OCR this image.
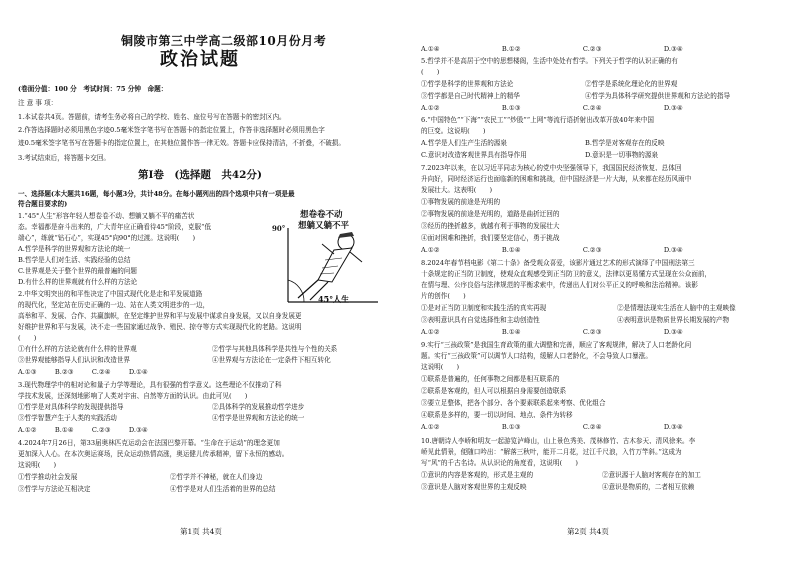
铜陵市第三中学高二级部10月份月考
政治试题
(卷面分值：100 分　考试时间：75 分钟　命题：
注 意 事 项：
1.本试卷共4页。答题前，请考生务必将自己的学校、姓名、座位号写在答题卡的密封区内。
2.作答选择题时必须用黑色字迹0.5毫米签字笔书写在答题卡的指定位置上，作答非选择题时必须用黑色字
迹0.5毫米签字笔书写在答题卡的指定位置上，在其他位置作答一律无效。答题卡应保持清洁，不折叠，不破损。
3.考试结束后，将答题卡交回。
第Ⅰ卷　(选择题　共42分)
一、选择题(本大题共16题，每小题3分，共计48分。在每小题列出的四个选项中只有一项是最
符合题目要求的)
1.“45°人生”形容年轻人想卷卷不动、想躺又躺不平的痛苦状
态。幸福都是奋斗出来的，广大青年应正确看待45°阶段，克服“低
端心”，练就“钻石心”，实现45°向90°的过渡。这说明(　　)
A.哲学是科学的世界观和方法论的统一
B.哲学是人们对生活、实践经验的总结
C.世界观是关于整个世界的最普遍的问题
D.有什么样的世界观就有什么样的方法论
想卷卷不动
想躺又躺不平
90°
45°人生
2.中华文明突出的和平性决定了中国式现代化是走和平发展道路
的现代化，坚定站在历史正确的一边、站在人类文明进步的一边，
高举和平、发展、合作、共赢旗帜，在坚定维护世界和平与发展中谋求自身发展，又以自身发展更
好维护世界和平与发展，决不走一些国家通过战争、殖民、掠夺等方式实现现代化的老路。这说明
(　　)
①有什么样的方法论就有什么样的世界观	②哲学与其他具体科学是共性与个性的关系
③世界观能够指导人们认识和改造世界	④世界观与方法论在一定条件下相互转化
A.①③	B.②③	C.②④	D.①④
3.现代物理学中的相对论和量子力学等理论，具有很强的哲学意义。这些理论不仅推动了科
学技术发展，还深刻地影响了人类对宇宙、自然等方面的认识。由此可见(　　)
①哲学是对具体科学的发现提供指导	②具体科学的发展推动哲学进步
③哲学智慧产生于人类的实践活动	④哲学是世界观和方法论的统一
A.①②	B.①④	C.②③	D.③④
4.2024年7月26日，第33届奥林匹克运动会在法国巴黎开幕。“生命在于运动”的理念更加
更加深入人心。在本次奥运赛场，民众运动热情高涨，奥运健儿传承精神，留下永恒的感动。
这说明(　　)
①哲学推动社会发展	②哲学并不神秘，就在人们身边
③哲学与方法论互相决定	④哲学是对人们生活着的世界的总结
第1页 共4页
A.①④	B.①②	C.②③	D.③④
5.哲学并不是高居于空中的思想楼阁，生活中处处有哲学。下列关于哲学的认识正确的有
(　　)
①哲学是科学的世界观和方法论	②哲学是系统化理论化的世界观
③哲学都是自己时代精神上的精华	④哲学为具体科学研究提供世界观和方法论的指导
A.①②	B.①③	C.②④	D.③④
6.“中国特色”“下海”“农民工”“炒股”“上网”等流行语折射出改革开放40年来中国
的巨变。这说明(　　)
A.哲学是人们生产生活的源泉	B.哲学是对客观存在的反映
C.意识对改造客观世界具有指导作用	D.意识是一切事物的源泉
7.2023年以来，在以习近平同志为核心的党中央坚强领导下，我国国民经济恢复、总体回
升向好，同时经济运行也面临新的困难和挑战，但中国经济是一片大海，从来都在经历风雨中
发展壮大。这表明(　　)
①事物发展的前途是光明的
②事物发展的前途是光明的，道路是曲折迂回的
③经历的挫折越多，就越有利于事物的发展壮大
④面对困难和挫折，我们要坚定信心，勇于挑战
A.①②	B.①④	C.②③	D.③④
8.2024年春节档电影《第二十条》备受观众喜爱，该影片通过艺术的形式演绎了中国刑法第三
十条规定的正当防卫制度，使观众直观感受到正当防卫的意义，法律以更易懂方式呈现在公众面前，
在情与理、公序良俗与法律规范的平衡求索中，传递出人们对公平正义的呼唤和法治精神。该影
片的创作(　　)
①是对正当防卫制度和实践生活的真实再现	②是情理法现实生活在人脑中的主观映像
③表明意识具有自觉选择性和主动创造性	④表明意识是物质世界长期发展的产物
A.①②	B.①④	C.②③	D.③④
9.实行“三孩政策”是我国生育政策的重大调整和完善，顺应了客观规律，解决了人口老龄化问
题。实行“三孩政策”可以调节人口结构，缓解人口老龄化，不会导致人口暴涨。
这说明(　　)
①联系是普遍的，任何事物之间都是相互联系的
②联系是客观的，但人可以根据自身需要创造联系
③要立足整体，把各个部分、各个要素联系起来考察、优化组合
④联系是多样的，要一切以时间、地点、条件为转移
A.①②	B.①③	C.②④	D.③④
10.唐朝诗人李峤和明友一起游览泸峰山，山上景色秀美、茂林修竹、古木参天、清风徐来。李
峤见此情景，便随口吟出：“解落三秋叶，能开二月花，过江千尺浪，入竹万竿斜。”这成为
写“风”的千古名诗。从认识论的角度看，这说明(　　)
①意识的内容是客观的，形式是主观的	②意识源于人脑对客观存在的加工
③意识是人脑对客观世界的主观反映	④意识是物质的，二者相互依赖
第2页 共4页
